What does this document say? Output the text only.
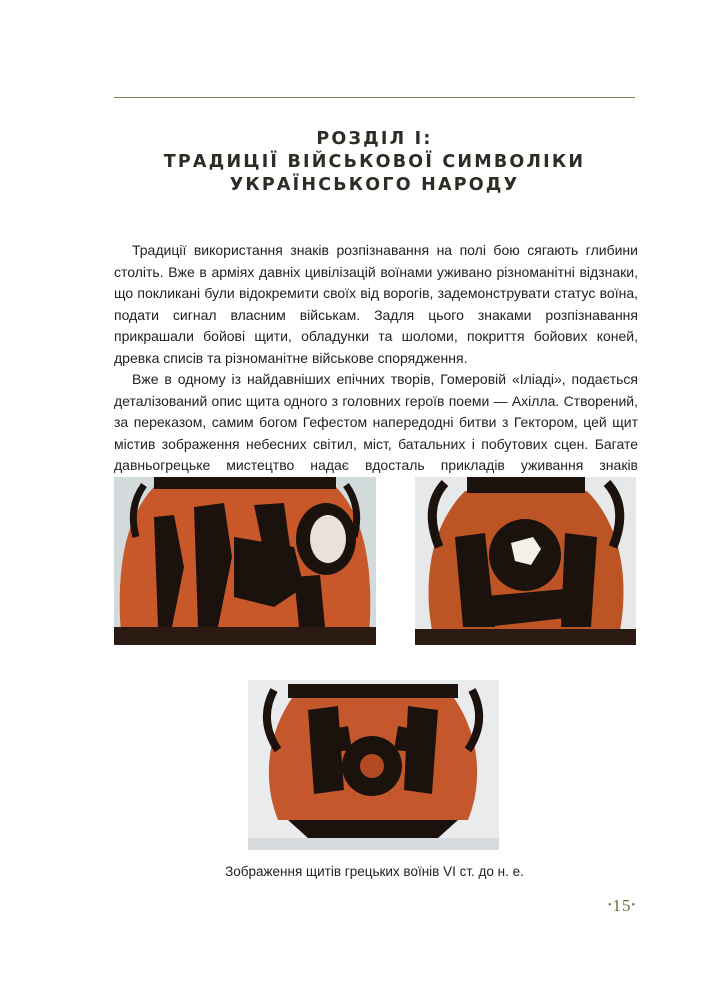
РОЗДІЛ І:
ТРАДИЦІЇ ВІЙСЬКОВОЇ СИМВОЛІКИ
УКРАЇНСЬКОГО НАРОДУ

Традиції використання знаків розпізнавання на полі бою сягають глибини століть. Вже в арміях давніх цивілізацій воїнами уживано різноманітні відзнаки, що покликані були відокремити своїх від ворогів, задемонструвати статус воїна, подати сигнал власним військам. Задля цього знаками розпізнавання прикрашали бойові щити, обладунки та шоломи, покриття бойових коней, древка списів та різноманітне військове спорядження.

Вже в одному із найдавніших епічних творів, Гомеровій «Іліаді», подається деталізований опис щита одного з головних героїв поеми — Ахілла. Створений, за переказом, самим богом Гефестом напередодні битви з Гектором, цей щит містив зображення небесних світил, міст, батальних і побутових сцен. Багате давньогрецьке мистецтво надає вдосталь прикладів уживання знаків

Зображення щитів грецьких воїнів VI ст. до н. е.
•15•
